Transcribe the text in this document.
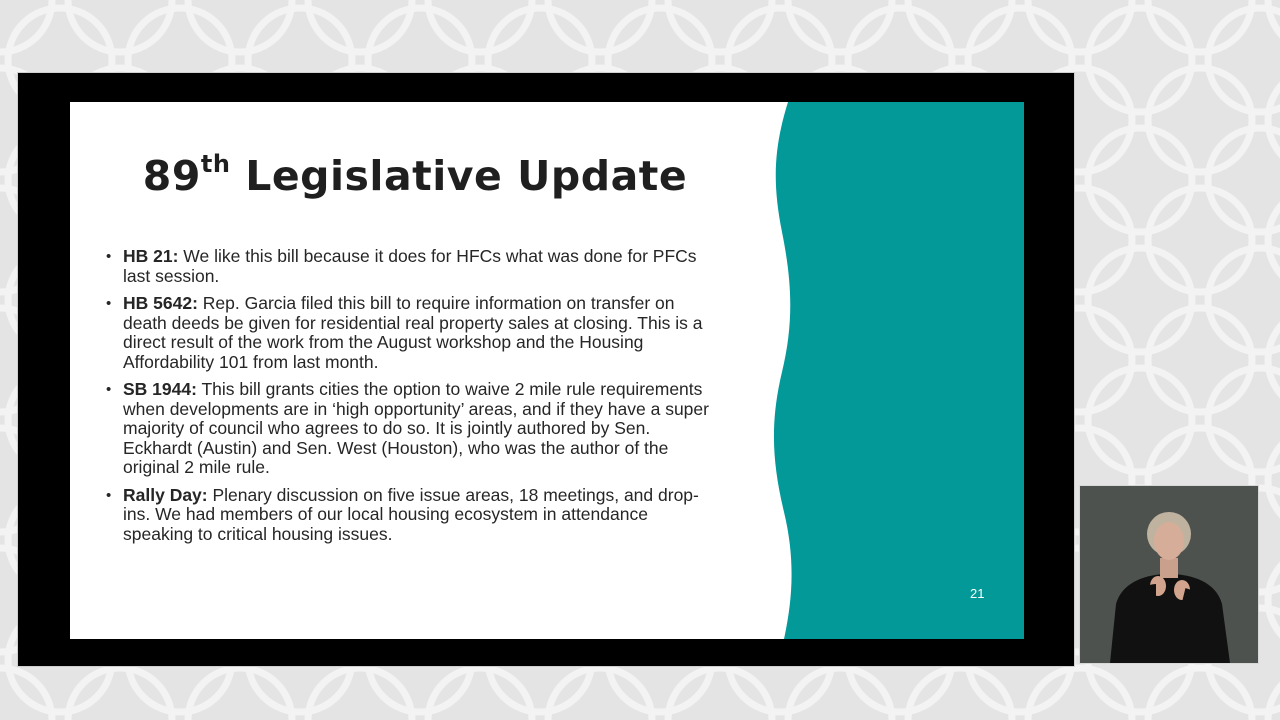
89th Legislative Update
• HB 21: We like this bill because it does for HFCs what was done for PFCs last session.
• HB 5642: Rep. Garcia filed this bill to require information on transfer on death deeds be given for residential real property sales at closing. This is a direct result of the work from the August workshop and the Housing Affordability 101 from last month.
• SB 1944: This bill grants cities the option to waive 2 mile rule requirements when developments are in ‘high opportunity’ areas, and if they have a super majority of council who agrees to do so. It is jointly authored by Sen. Eckhardt (Austin) and Sen. West (Houston), who was the author of the original 2 mile rule.
• Rally Day: Plenary discussion on five issue areas, 18 meetings, and drop-ins. We had members of our local housing ecosystem in attendance speaking to critical housing issues.
21
